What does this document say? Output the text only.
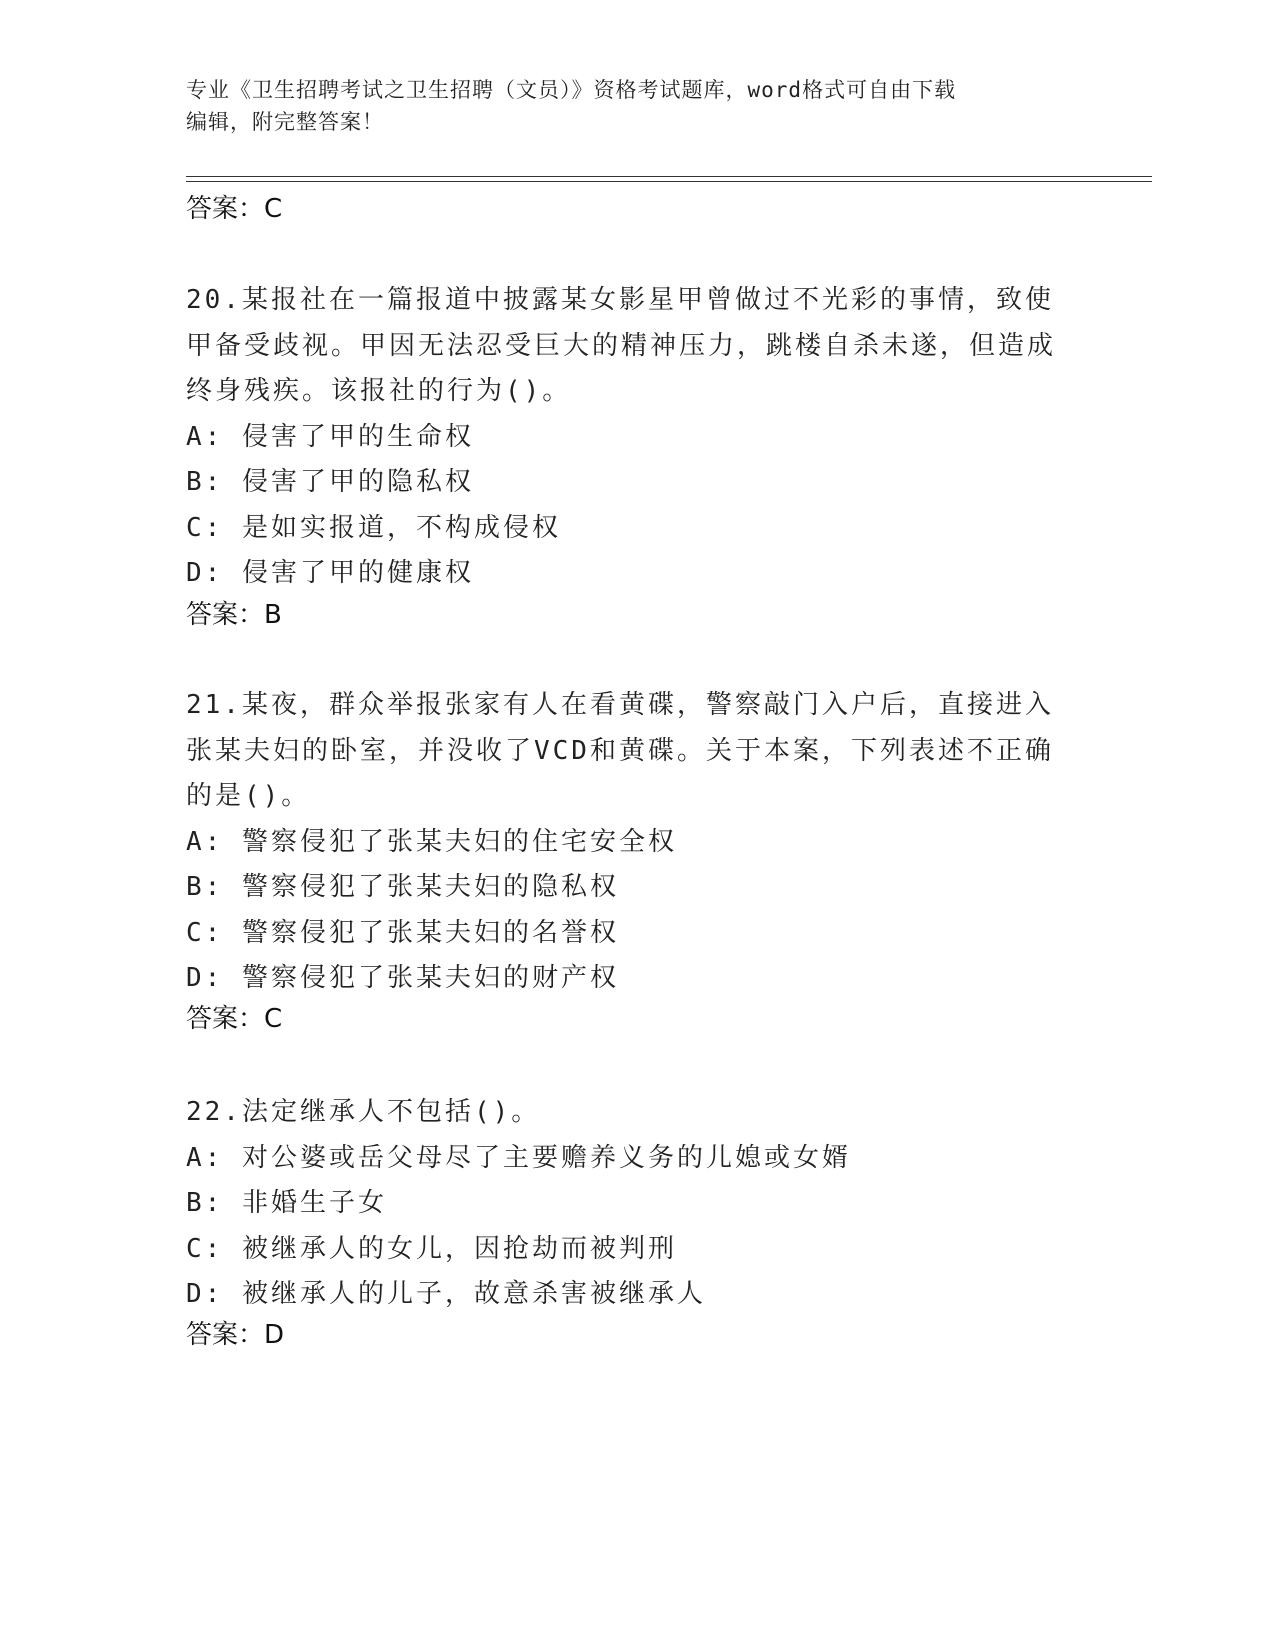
专业《卫生招聘考试之卫生招聘（文员）》资格考试题库，word格式可自由下载
编辑，附完整答案！
答案：C

20.某报社在一篇报道中披露某女影星甲曾做过不光彩的事情，致使甲备受歧视。甲因无法忍受巨大的精神压力，跳楼自杀未遂，但造成终身残疾。该报社的行为()。

A: 侵害了甲的生命权

B: 侵害了甲的隐私权

C: 是如实报道，不构成侵权

D: 侵害了甲的健康权

答案：B

21.某夜，群众举报张家有人在看黄碟，警察敲门入户后，直接进入张某夫妇的卧室，并没收了VCD和黄碟。关于本案，下列表述不正确的是()。

A: 警察侵犯了张某夫妇的住宅安全权

B: 警察侵犯了张某夫妇的隐私权

C: 警察侵犯了张某夫妇的名誉权

D: 警察侵犯了张某夫妇的财产权

答案：C

22.法定继承人不包括()。

A: 对公婆或岳父母尽了主要赡养义务的儿媳或女婿

B: 非婚生子女

C: 被继承人的女儿，因抢劫而被判刑

D: 被继承人的儿子，故意杀害被继承人

答案：D
